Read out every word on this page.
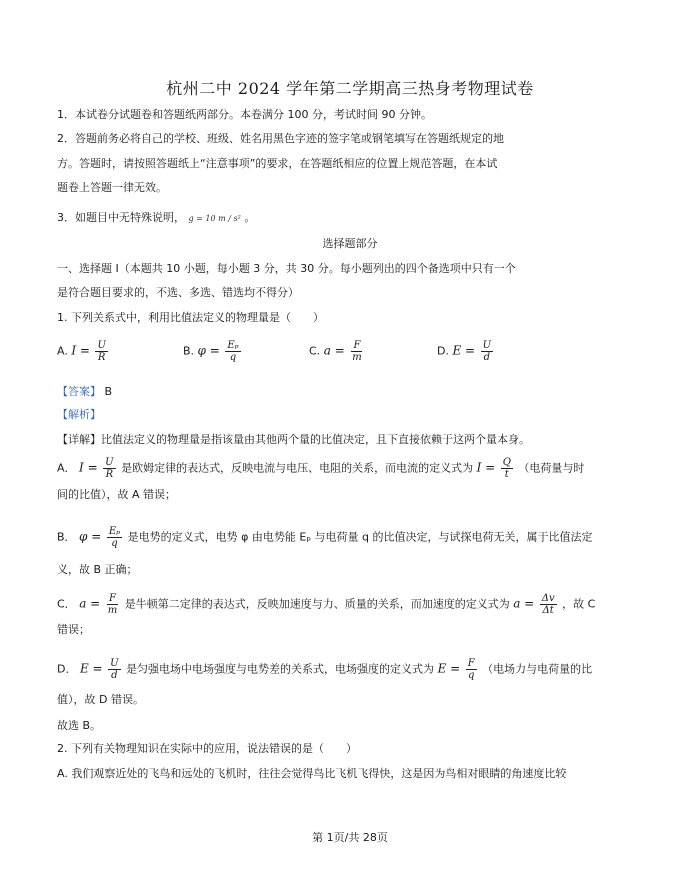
杭州二中 2024 学年第二学期高三热身考物理试卷
1．本试卷分试题卷和答题纸两部分。本卷满分 100 分，考试时间 90 分钟。
2．答题前务必将自己的学校、班级、姓名用黑色字迹的签字笔或钢笔填写在答题纸规定的地
方。答题时，请按照答题纸上“注意事项”的要求，在答题纸相应的位置上规范答题，在本试
题卷上答题一律无效。
3．如题目中无特殊说明， g = 10 m / s² 。
选择题部分
一、选择题 Ⅰ（本题共 10 小题，每小题 3 分，共 30 分。每小题列出的四个备选项中只有一个
是符合题目要求的，不选、多选、错选均不得分）
1. 下列关系式中，利用比值法定义的物理量是（　　）
A. $I = \frac{U}{R}$	B. $\varphi = \frac{\text{Eₚ}}{q}$	C. $a = \frac{F}{m}$	D. $E = \frac{U}{d}$
【答案】 B
【解析】
【详解】比值法定义的物理量是指该量由其他两个量的比值决定，且下直接依赖于这两个量本身。
A． $I = \frac{U}{R}$ 是欧姆定律的表达式，反映电流与电压、电阻的关系，而电流的定义式为 $I = \frac{Q}{t}$ （电荷量与时
间的比值），故 A 错误；
B． $\varphi = \frac{\text{Eₚ}}{q}$ 是电势的定义式，电势 φ 由电势能 Eₚ 与电荷量 q 的比值决定，与试探电荷无关，属于比值法定
义，故 B 正确；
C． $a = \frac{F}{m}$ 是牛顿第二定律的表达式，反映加速度与力、质量的关系，而加速度的定义式为 $a = \frac{\Delta v}{\Delta t}$ ，故 C
错误；
D． $E = \frac{U}{d}$ 是匀强电场中电场强度与电势差的关系式，电场强度的定义式为 $E = \frac{F}{q}$ （电场力与电荷量的比
值），故 D 错误。
故选 B。
2. 下列有关物理知识在实际中的应用，说法错误的是（　　）
A. 我们观察近处的飞鸟和远处的飞机时，往往会觉得鸟比飞机飞得快，这是因为鸟相对眼睛的角速度比较
第 1页/共 28页
